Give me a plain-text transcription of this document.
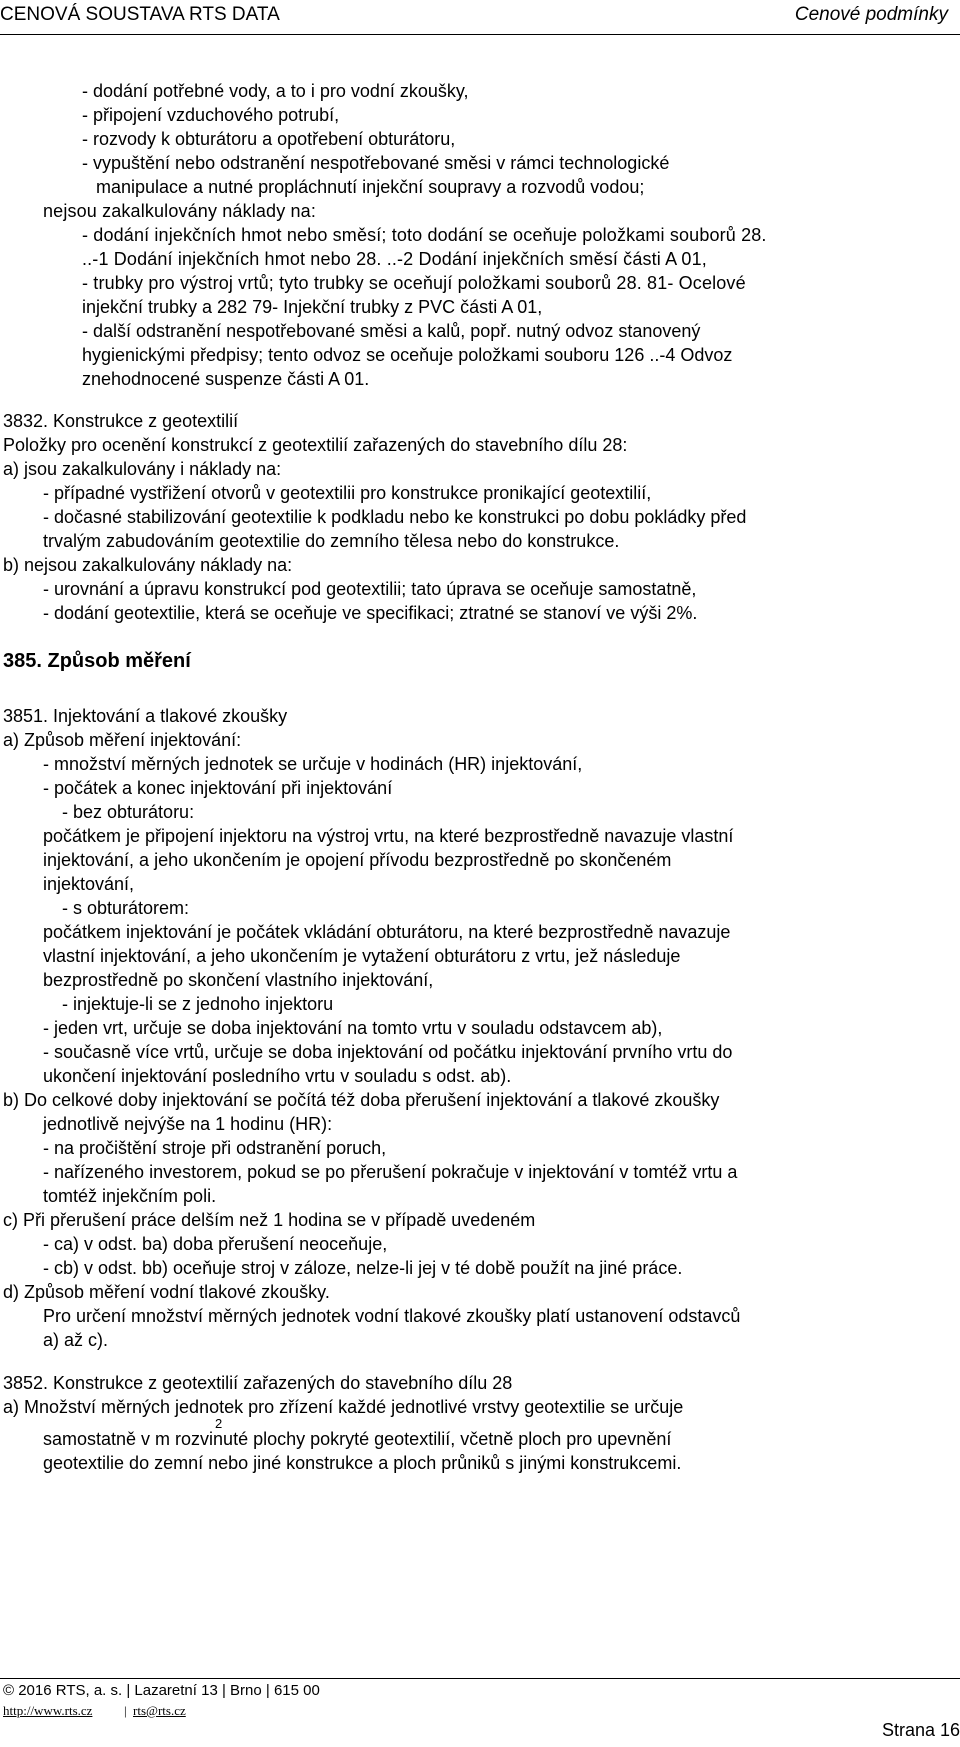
CENOVÁ SOUSTAVA RTS DATA	Cenové podmínky
- dodání potřebné vody, a to i pro vodní zkoušky,
- připojení vzduchového potrubí,
- rozvody k obturátoru a opotřebení obturátoru,
- vypuštění nebo odstranění nespotřebované směsi v rámci technologické
manipulace a nutné propláchnutí injekční soupravy a rozvodů vodou;
nejsou zakalkulovány náklady na:
- dodání injekčních hmot nebo směsí; toto dodání se oceňuje položkami souborů 28.
..-1 Dodání injekčních hmot nebo 28. ..-2 Dodání injekčních směsí části A 01,
- trubky pro výstroj vrtů; tyto trubky se oceňují položkami souborů 28. 81- Ocelové
injekční trubky a 282 79- Injekční trubky z PVC části A 01,
- další odstranění nespotřebované směsi a kalů, popř. nutný odvoz stanovený
hygienickými předpisy; tento odvoz se oceňuje položkami souboru 126 ..-4 Odvoz
znehodnocené suspenze části A 01.
3832. Konstrukce z geotextilií
Položky pro ocenění konstrukcí z geotextilií zařazených do stavebního dílu 28:
a) jsou zakalkulovány i náklady na:
- případné vystřižení otvorů v geotextilii pro konstrukce pronikající geotextilií,
- dočasné stabilizování geotextilie k podkladu nebo ke konstrukci po dobu pokládky před
trvalým zabudováním geotextilie do zemního tělesa nebo do konstrukce.
b) nejsou zakalkulovány náklady na:
- urovnání a úpravu konstrukcí pod geotextilii; tato úprava se oceňuje samostatně,
- dodání geotextilie, která se oceňuje ve specifikaci; ztratné se stanoví ve výši 2%.
385. Způsob měření
3851. Injektování a tlakové zkoušky
a) Způsob měření injektování:
- množství měrných jednotek se určuje v hodinách (HR) injektování,
- počátek a konec injektování při injektování
- bez obturátoru:
počátkem je připojení injektoru na výstroj vrtu, na které bezprostředně navazuje vlastní
injektování, a jeho ukončením je opojení přívodu bezprostředně po skončeném
injektování,
- s obturátorem:
počátkem injektování je počátek vkládání obturátoru, na které bezprostředně navazuje
vlastní injektování, a jeho ukončením je vytažení obturátoru z vrtu, jež následuje
bezprostředně po skončení vlastního injektování,
- injektuje-li se z jednoho injektoru
- jeden vrt, určuje se doba injektování na tomto vrtu v souladu odstavcem ab),
- současně více vrtů, určuje se doba injektování od počátku injektování prvního vrtu do
ukončení injektování posledního vrtu v souladu s odst. ab).
b) Do celkové doby injektování se počítá též doba přerušení injektování a tlakové zkoušky
jednotlivě nejvýše na 1 hodinu (HR):
- na pročištění stroje při odstranění poruch,
- nařízeného investorem, pokud se po přerušení pokračuje v injektování v tomtéž vrtu a
tomtéž injekčním poli.
c) Při přerušení práce delším než 1 hodina se v případě uvedeném
- ca) v odst. ba) doba přerušení neoceňuje,
- cb) v odst. bb) oceňuje stroj v záloze, nelze-li jej v té době použít na jiné práce.
d) Způsob měření vodní tlakové zkoušky.
Pro určení množství měrných jednotek vodní tlakové zkoušky platí ustanovení odstavců
a) až c).
3852. Konstrukce z geotextilií zařazených do stavebního dílu 28
a) Množství měrných jednotek pro zřízení každé jednotlivé vrstvy geotextilie se určuje
samostatně v m rozvinuté plochy pokryté geotextilií, včetně ploch pro upevnění
2
geotextilie do zemní nebo jiné konstrukce a ploch průniků s jinými konstrukcemi.
© 2016 RTS, a. s. | Lazaretní 13 | Brno | 615 00
http://www.rts.cz | rts@rts.cz
Strana 16
